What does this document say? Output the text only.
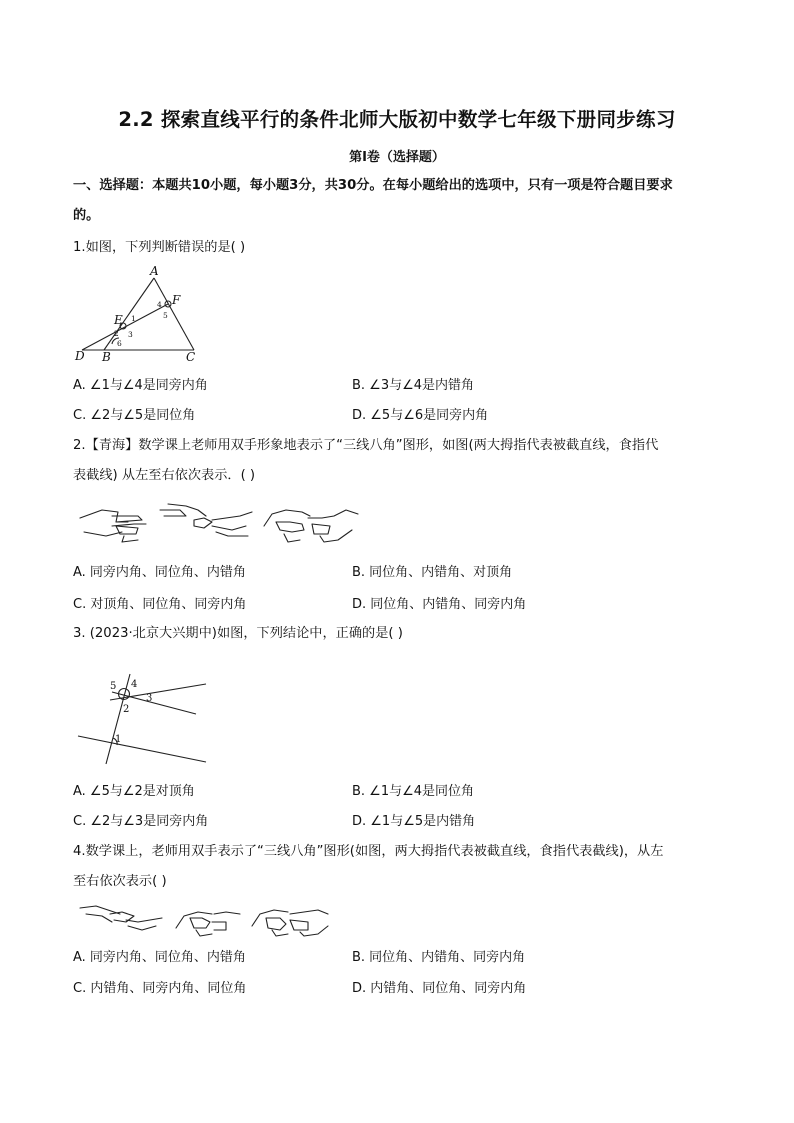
2.2 探索直线平行的条件北师大版初中数学七年级下册同步练习
第I卷（选择题）
一、选择题：本题共10小题，每小题3分，共30分。在每小题给出的选项中，只有一项是符合题目要求
的。
1.如图，下列判断错误的是( )
A
F
E
D B	C
4
5
1
2 3
6
A. ∠1与∠4是同旁内角	B. ∠3与∠4是内错角
C. ∠2与∠5是同位角	D. ∠5与∠6是同旁内角
2.【青海】数学课上老师用双手形象地表示了“三线八角”图形，如图(两大拇指代表被截直线，食指代
表截线) 从左至右依次表示．( )
A. 同旁内角、同位角、内错角	B. 同位角、内错角、对顶角
C. 对顶角、同位角、同旁内角	D. 同位角、内错角、同旁内角
3. (2023·北京大兴期中)如图，下列结论中，正确的是( )
5 4
3
2
1
A. ∠5与∠2是对顶角	B. ∠1与∠4是同位角
C. ∠2与∠3是同旁内角	D. ∠1与∠5是内错角
4.数学课上，老师用双手表示了“三线八角”图形(如图，两大拇指代表被截直线，食指代表截线)，从左
至右依次表示( )
A. 同旁内角、同位角、内错角	B. 同位角、内错角、同旁内角
C. 内错角、同旁内角、同位角	D. 内错角、同位角、同旁内角
